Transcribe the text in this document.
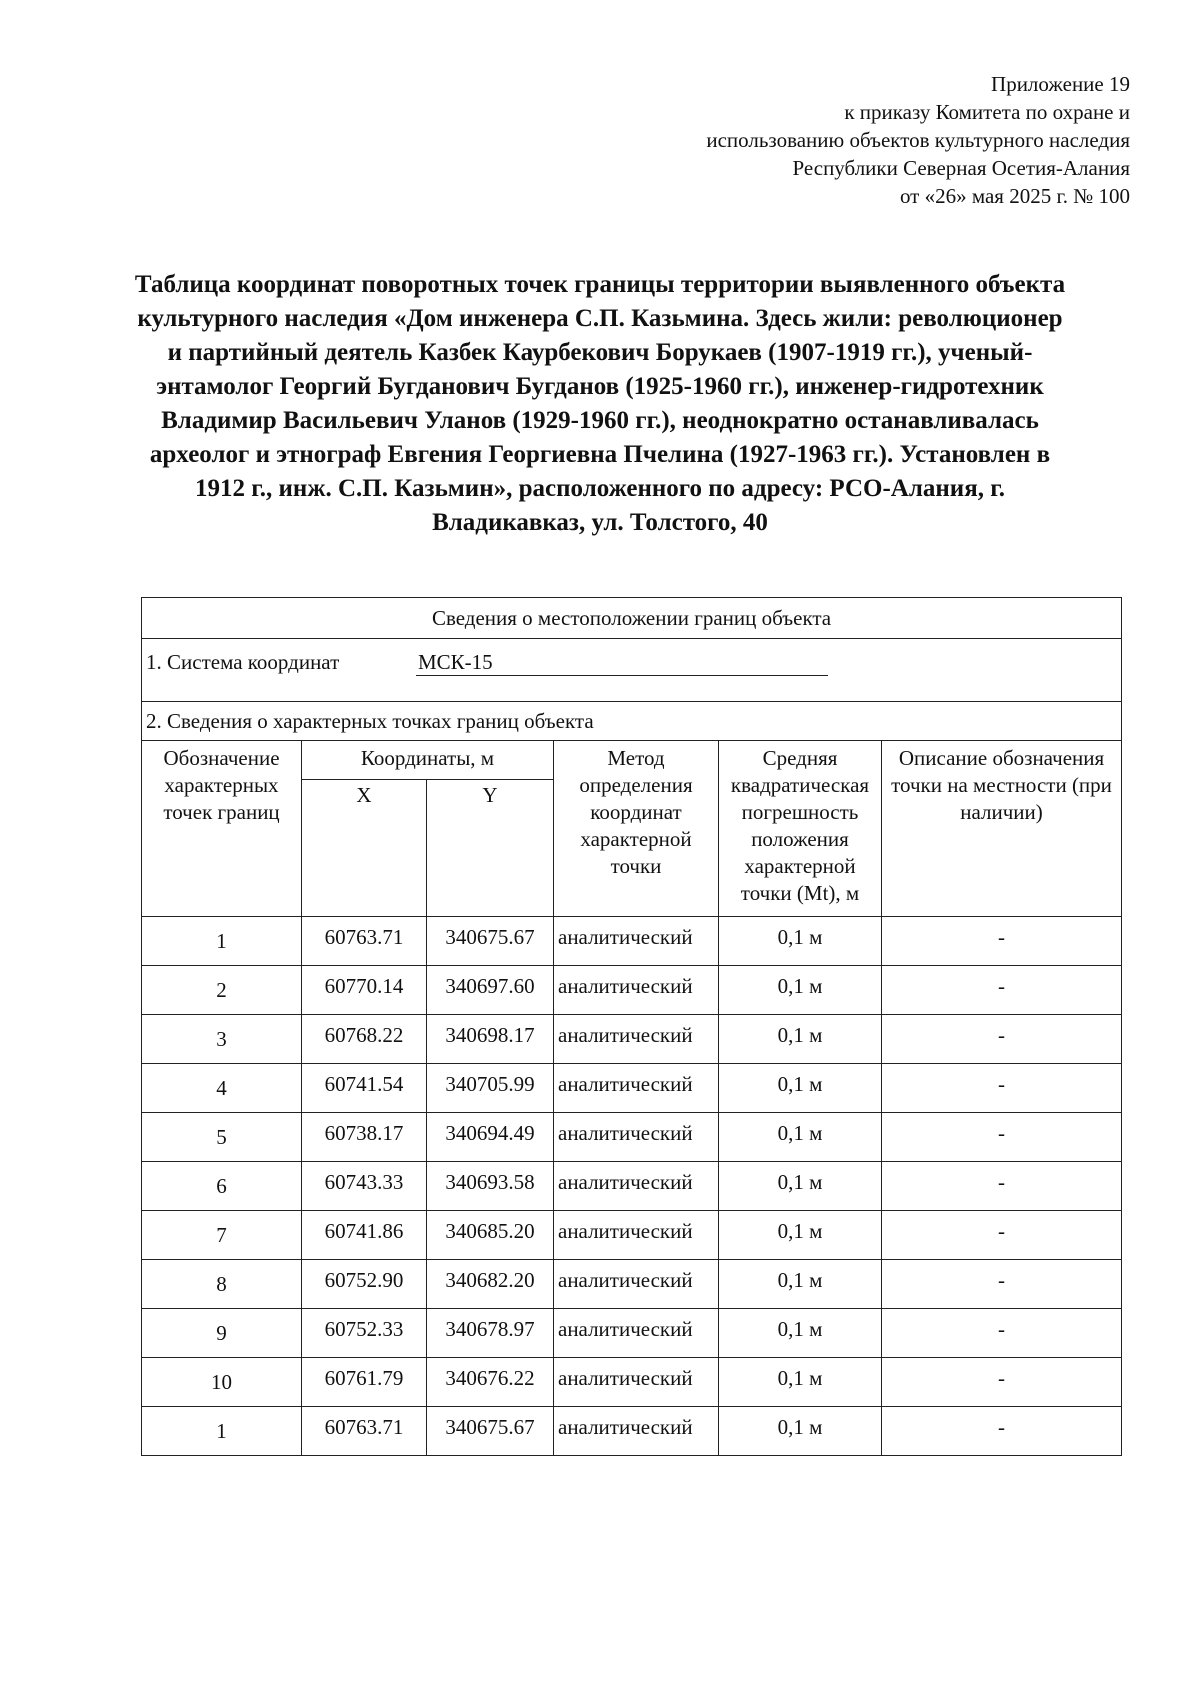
Приложение 19
к приказу Комитета по охране и
использованию объектов культурного наследия
Республики Северная Осетия-Алания
от «26» мая 2025 г. № 100
Таблица координат поворотных точек границы территории выявленного объекта культурного наследия «Дом инженера С.П. Казьмина. Здесь жили: революционер и партийный деятель Казбек Каурбекович Борукаев (1907-1919 гг.), ученый-энтамолог Георгий Бугданович Бугданов (1925-1960 гг.), инженер-гидротехник Владимир Васильевич Уланов (1929-1960 гг.), неоднократно останавливалась археолог и этнограф Евгения Георгиевна Пчелина (1927-1963 гг.). Установлен в 1912 г., инж. С.П. Казьмин», расположенного по адресу: РСО-Алания, г. Владикавказ, ул. Толстого, 40
Сведения о местоположении границ объекта					

1. Система координат МСК-15					

2. Сведения о характерных точках границ объекта					
Обозначение характерных точек границ	Координаты, м		Метод определения координат характерной точки	Средняя квадратическая погрешность положения характерной точки (Mt), м	Описание обозначения точки на местности (при наличии)
	X	Y			
1	60763.71	340675.67	аналитический	0,1 м	-
2	60770.14	340697.60	аналитический	0,1 м	-
3	60768.22	340698.17	аналитический	0,1 м	-
4	60741.54	340705.99	аналитический	0,1 м	-
5	60738.17	340694.49	аналитический	0,1 м	-
6	60743.33	340693.58	аналитический	0,1 м	-
7	60741.86	340685.20	аналитический	0,1 м	-
8	60752.90	340682.20	аналитический	0,1 м	-
9	60752.33	340678.97	аналитический	0,1 м	-
10	60761.79	340676.22	аналитический	0,1 м	-
1	60763.71	340675.67	аналитический	0,1 м	-
